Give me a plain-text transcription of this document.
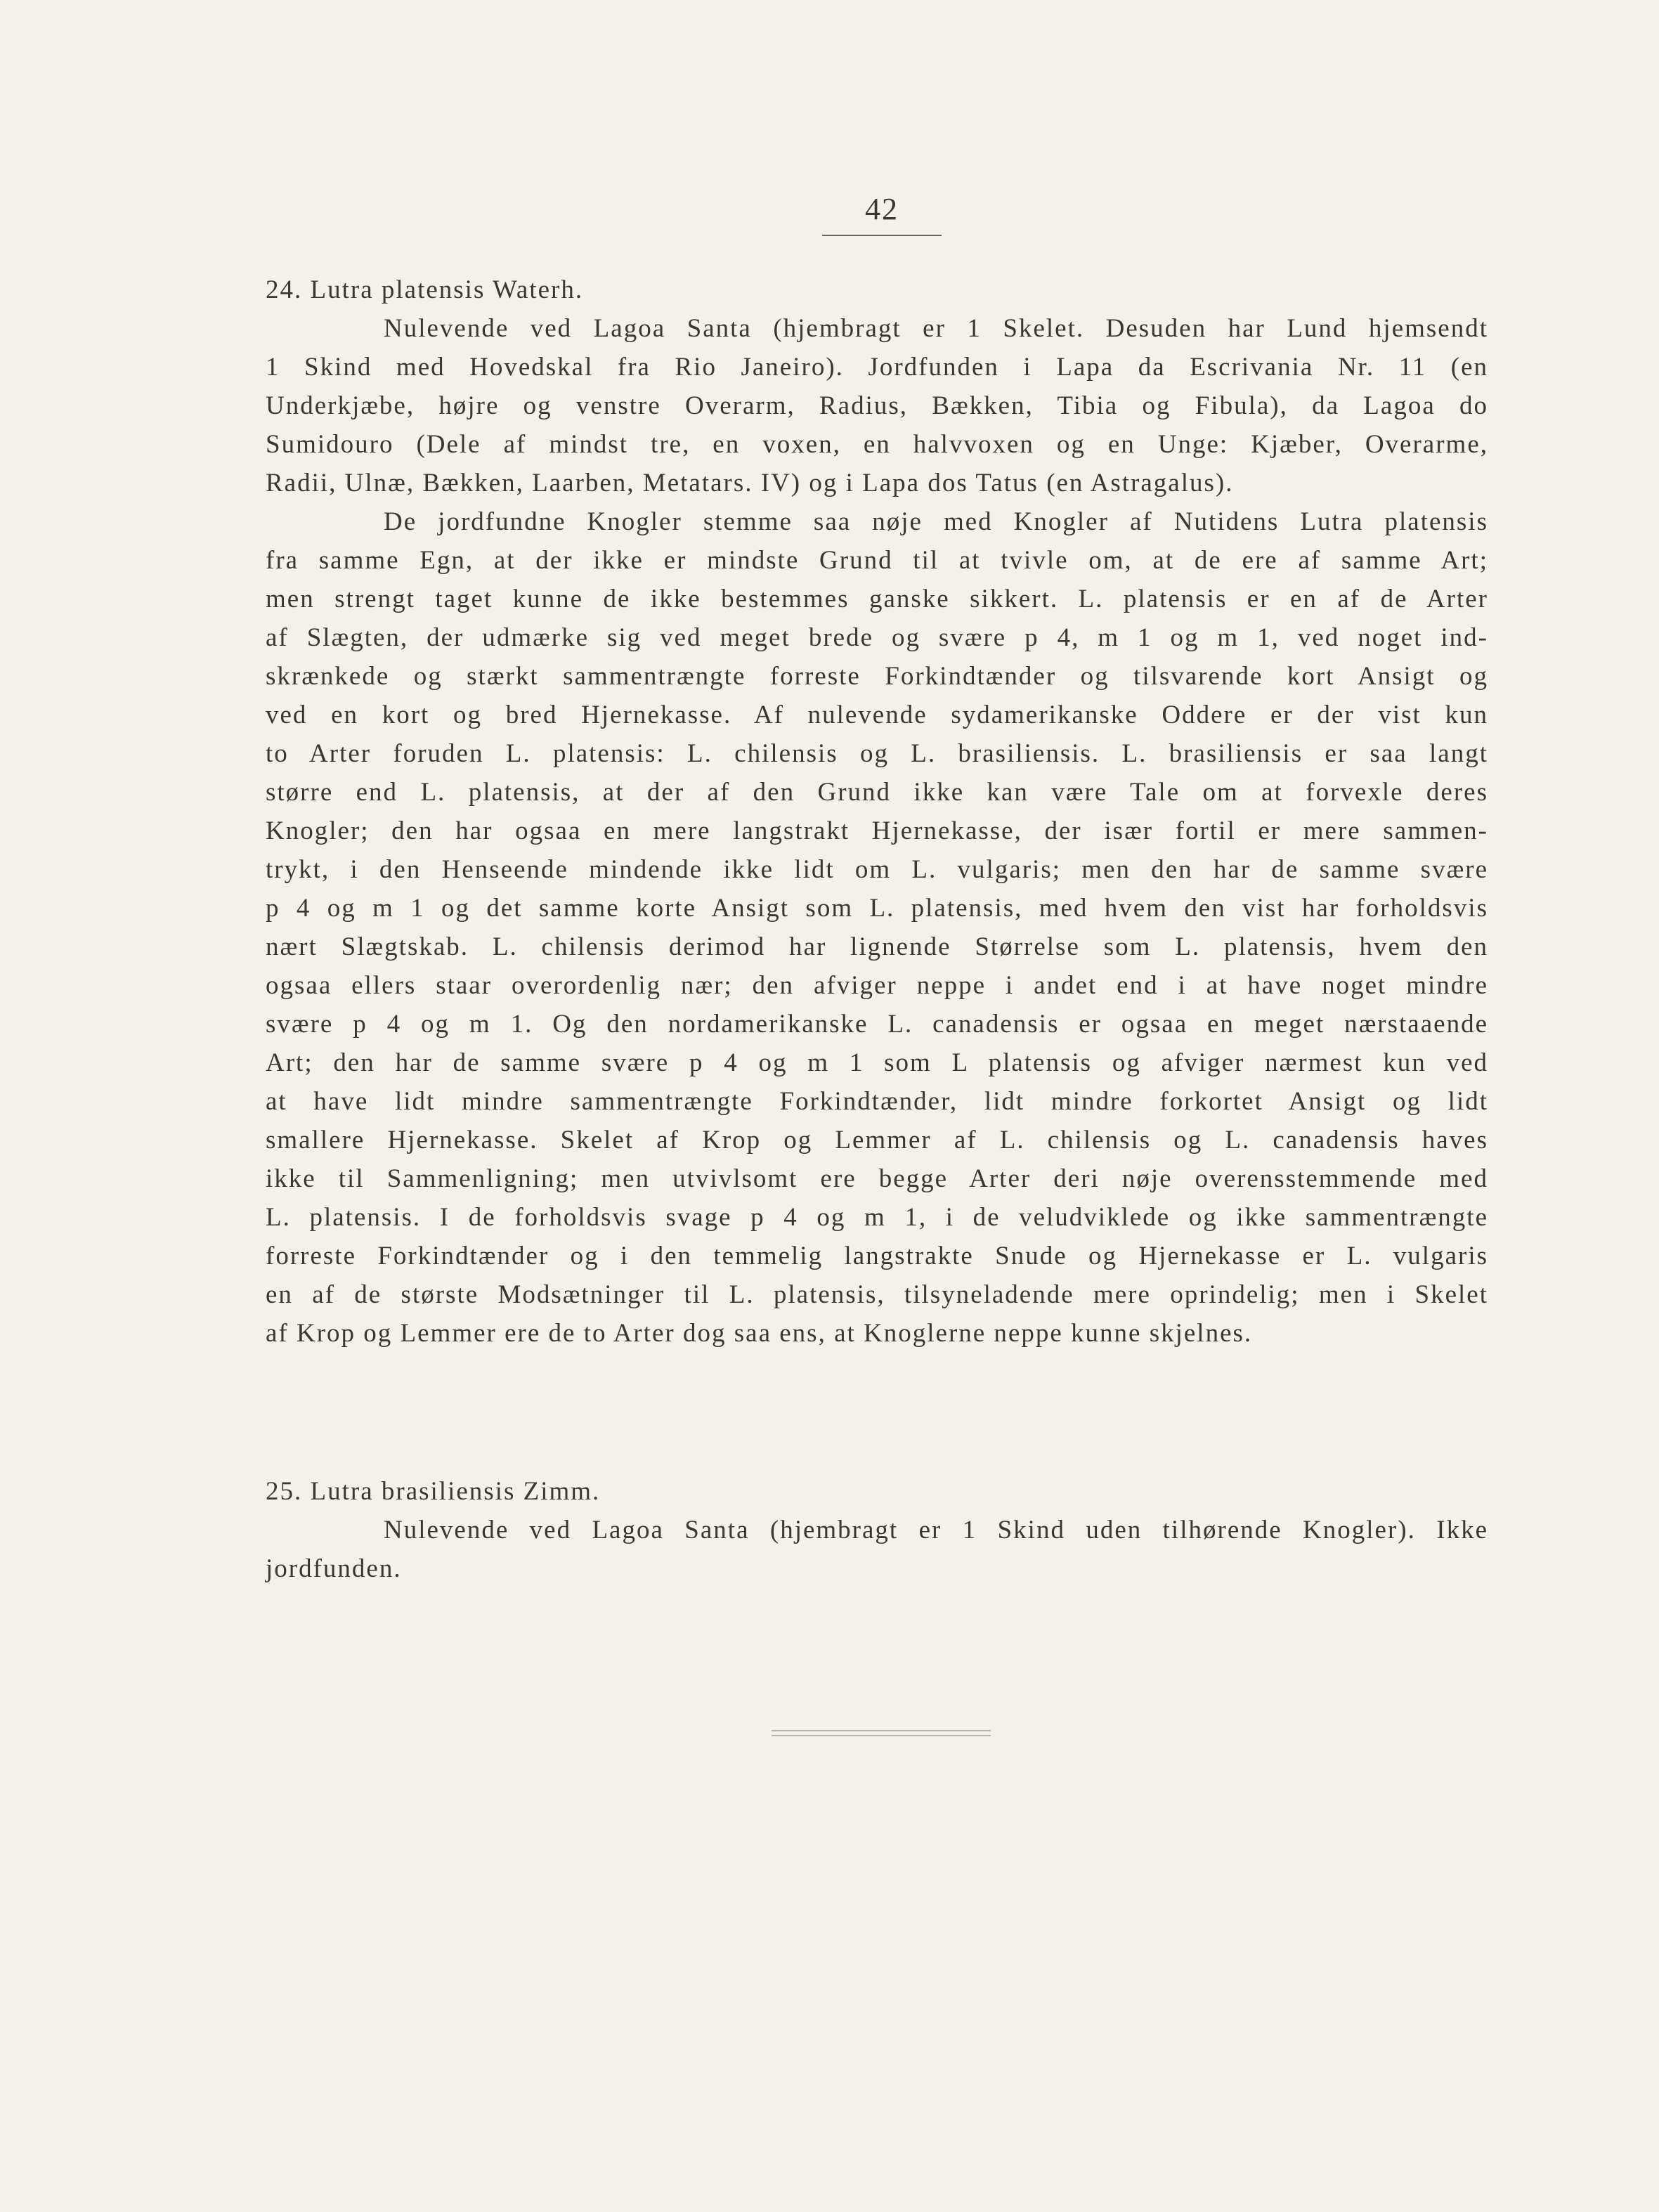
42
24. Lutra platensis Waterh.
Nulevende ved Lagoa Santa (hjembragt er 1 Skelet. Desuden har Lund hjemsendt
1 Skind med Hovedskal fra Rio Janeiro). Jordfunden i Lapa da Escrivania Nr. 11 (en
Underkjæbe, højre og venstre Overarm, Radius, Bækken, Tibia og Fibula), da Lagoa do
Sumidouro (Dele af mindst tre, en voxen, en halvvoxen og en Unge: Kjæber, Overarme,
Radii, Ulnæ, Bækken, Laarben, Metatars. IV) og i Lapa dos Tatus (en Astragalus).
De jordfundne Knogler stemme saa nøje med Knogler af Nutidens Lutra platensis
fra samme Egn, at der ikke er mindste Grund til at tvivle om, at de ere af samme Art;
men strengt taget kunne de ikke bestemmes ganske sikkert. L. platensis er en af de Arter
af Slægten, der udmærke sig ved meget brede og svære p 4, m 1 og m 1, ved noget ind-
skrænkede og stærkt sammentrængte forreste Forkindtænder og tilsvarende kort Ansigt og
ved en kort og bred Hjernekasse. Af nulevende sydamerikanske Oddere er der vist kun
to Arter foruden L. platensis: L. chilensis og L. brasiliensis. L. brasiliensis er saa langt
større end L. platensis, at der af den Grund ikke kan være Tale om at forvexle deres
Knogler; den har ogsaa en mere langstrakt Hjernekasse, der især fortil er mere sammen-
trykt, i den Henseende mindende ikke lidt om L. vulgaris; men den har de samme svære
p 4 og m 1 og det samme korte Ansigt som L. platensis, med hvem den vist har forholdsvis
nært Slægtskab. L. chilensis derimod har lignende Størrelse som L. platensis, hvem den
ogsaa ellers staar overordenlig nær; den afviger neppe i andet end i at have noget mindre
svære p 4 og m 1. Og den nordamerikanske L. canadensis er ogsaa en meget nærstaaende
Art; den har de samme svære p 4 og m 1 som L platensis og afviger nærmest kun ved
at have lidt mindre sammentrængte Forkindtænder, lidt mindre forkortet Ansigt og lidt
smallere Hjernekasse. Skelet af Krop og Lemmer af L. chilensis og L. canadensis haves
ikke til Sammenligning; men utvivlsomt ere begge Arter deri nøje overensstemmende med
L. platensis. I de forholdsvis svage p 4 og m 1, i de veludviklede og ikke sammentrængte
forreste Forkindtænder og i den temmelig langstrakte Snude og Hjernekasse er L. vulgaris
en af de største Modsætninger til L. platensis, tilsyneladende mere oprindelig; men i Skelet
af Krop og Lemmer ere de to Arter dog saa ens, at Knoglerne neppe kunne skjelnes.
25. Lutra brasiliensis Zimm.
Nulevende ved Lagoa Santa (hjembragt er 1 Skind uden tilhørende Knogler). Ikke
jordfunden.
